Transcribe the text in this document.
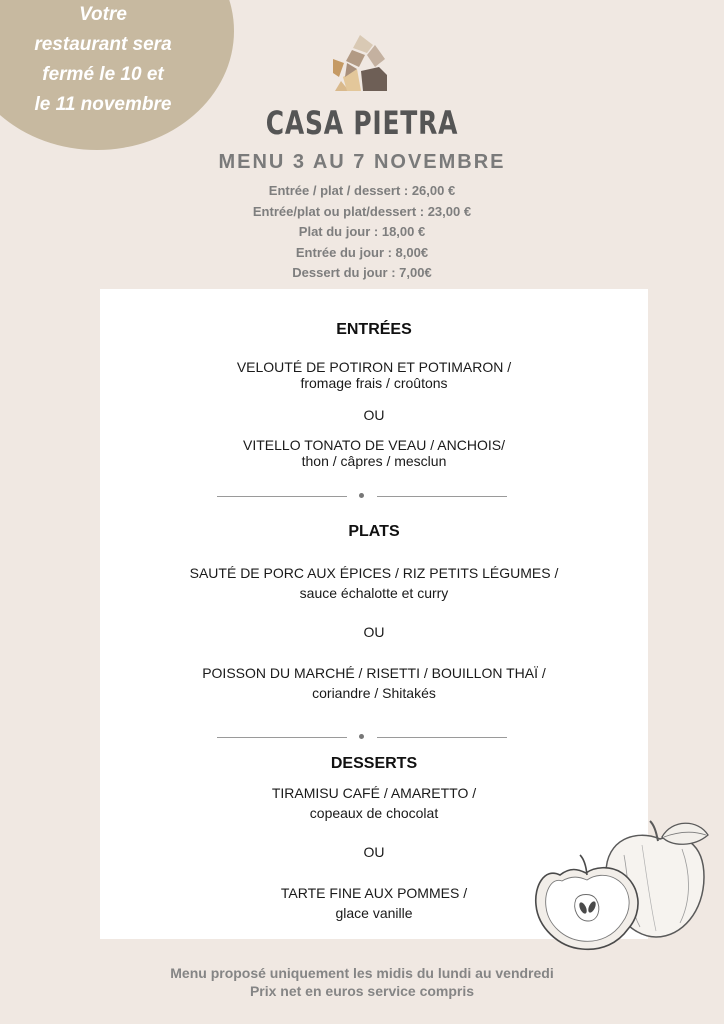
Votre
restaurant sera
fermé le 10 et
le 11 novembre	CASA PIETRA
MENU 3 AU 7 NOVEMBRE
Entrée / plat / dessert : 26,00 €
Entrée/plat ou plat/dessert : 23,00 €
Plat du jour : 18,00 €
Entrée du jour : 8,00€
Dessert du jour : 7,00€
ENTRÉES
VELOUTÉ DE POTIRON ET POTIMARON /
fromage frais / croûtons
OU
VITELLO TONATO DE VEAU / ANCHOIS/
thon / câpres / mesclun
PLATS
SAUTÉ DE PORC AUX ÉPICES / RIZ PETITS LÉGUMES /
sauce échalotte et curry
OU
POISSON DU MARCHÉ / RISETTI / BOUILLON THAÏ /
coriandre / Shitakés
DESSERTS
TIRAMISU CAFÉ / AMARETTO /
copeaux de chocolat
OU
TARTE FINE AUX POMMES /
glace vanille
Menu proposé uniquement les midis du lundi au vendredi
Prix net en euros service compris
